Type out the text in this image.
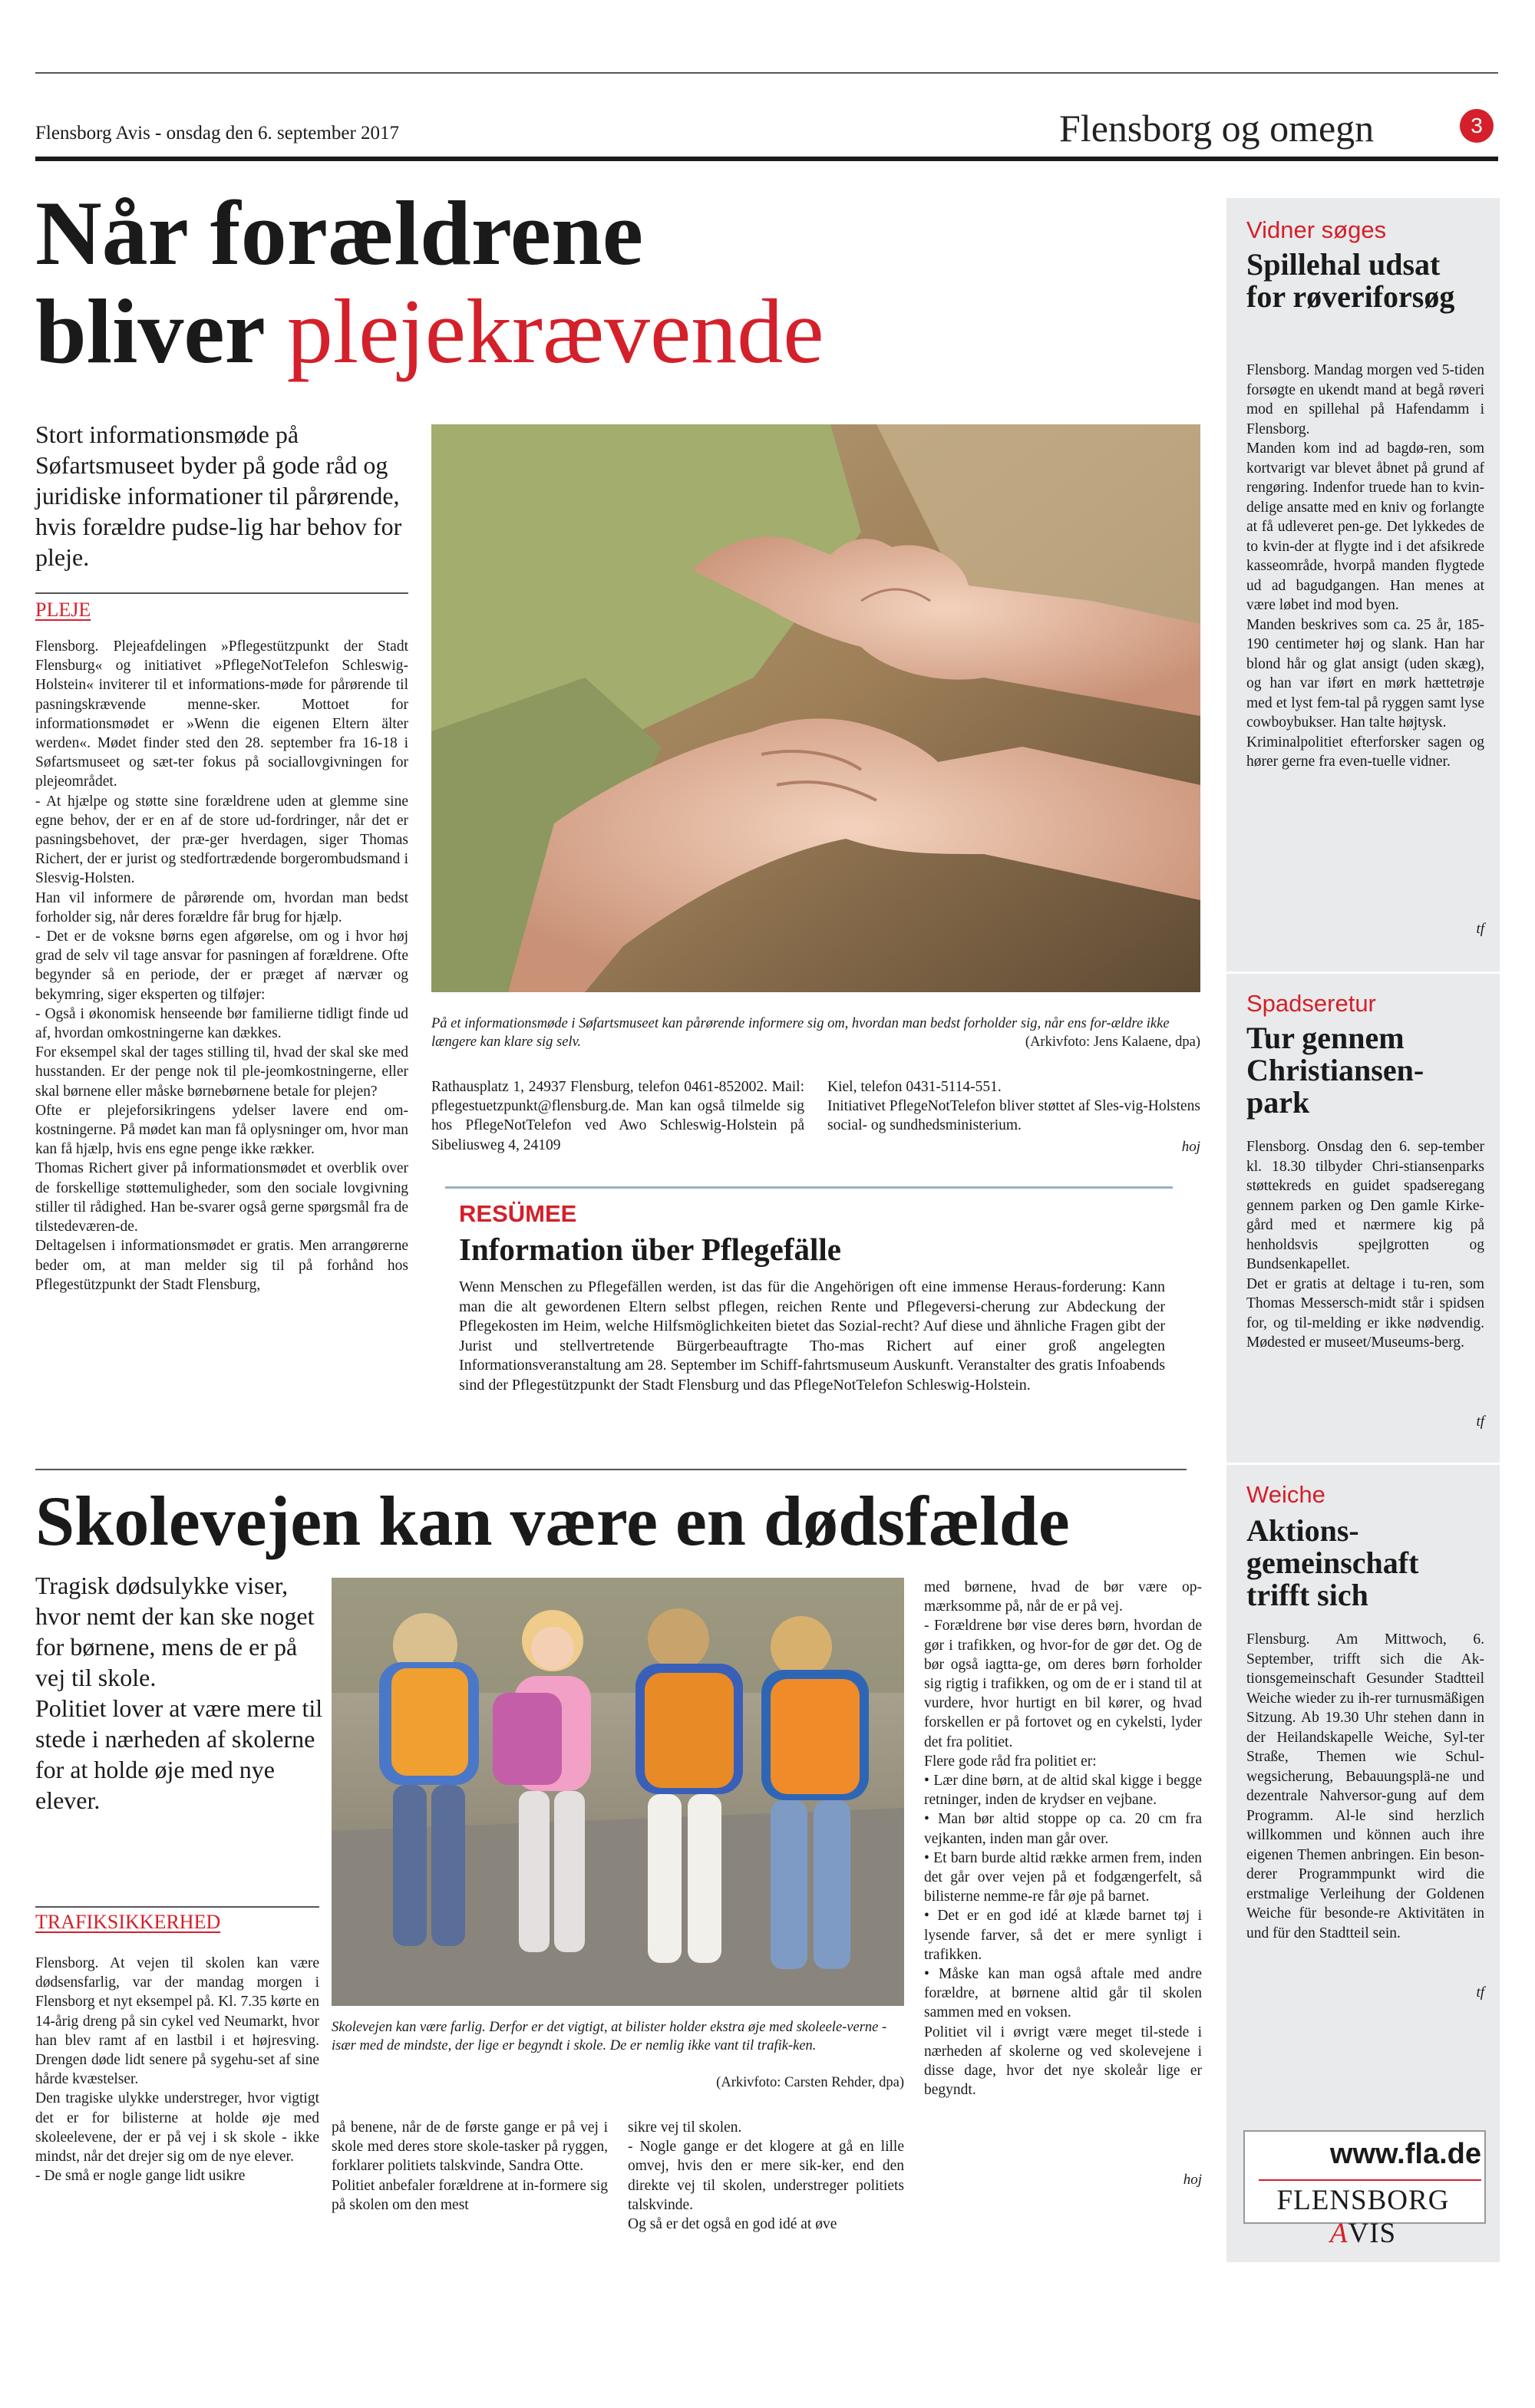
Flensborg Avis - onsdag den 6. september 2017	Flensborg og omegn	3
Når forældrene
bliver plejekrævende
Stort informationsmøde på Søfartsmuseet byder på gode råd og juridiske informationer til pårørende, hvis forældre pudse-lig har behov for pleje.
PLEJE
Flensborg. Plejeafdelingen »Pflegestützpunkt der Stadt Flensburg« og initiativet »PflegeNotTelefon Schleswig-Holstein« inviterer til et informations-møde for pårørende til pasningskrævende menne-sker. Mottoet for informationsmødet er »Wenn die eigenen Eltern älter werden«. Mødet finder sted den 28. september fra 16-18 i Søfartsmuseet og sæt-ter fokus på sociallovgivningen for plejeområdet.
- At hjælpe og støtte sine forældrene uden at glemme sine egne behov, der er en af de store ud-fordringer, når det er pasningsbehovet, der præ-ger hverdagen, siger Thomas Richert, der er jurist og stedfortrædende borgerombudsmand i Slesvig-Holsten.
Han vil informere de pårørende om, hvordan man bedst forholder sig, når deres forældre får brug for hjælp.
- Det er de voksne børns egen afgørelse, om og i hvor høj grad de selv vil tage ansvar for pasningen af forældrene. Ofte begynder så en periode, der er præget af nærvær og bekymring, siger eksperten og tilføjer:
- Også i økonomisk henseende bør familierne tidligt finde ud af, hvordan omkostningerne kan dækkes.
For eksempel skal der tages stilling til, hvad der skal ske med husstanden. Er der penge nok til ple-jeomkostningerne, eller skal børnene eller måske børnebørnene betale for plejen?
Ofte er plejeforsikringens ydelser lavere end om-kostningerne. På mødet kan man få oplysninger om, hvor man kan få hjælp, hvis ens egne penge ikke rækker.
Thomas Richert giver på informationsmødet et overblik over de forskellige støttemuligheder, som den sociale lovgivning stiller til rådighed. Han be-svarer også gerne spørgsmål fra de tilstedeværen-de.
Deltagelsen i informationsmødet er gratis. Men arrangørerne beder om, at man melder sig til på forhånd hos Pflegestützpunkt der Stadt Flensburg,
På et informationsmøde i Søfartsmuseet kan pårørende informere sig om, hvordan man bedst forholder sig, når ens for-ældre ikke længere kan klare sig selv.	(Arkivfoto: Jens Kalaene, dpa)
Rathausplatz 1, 24937 Flensburg, telefon 0461-852002. Mail: pflegestuetzpunkt@flensburg.de. Man kan også tilmelde sig hos PflegeNotTelefon ved Awo Schleswig-Holstein på Sibeliusweg 4, 24109
Kiel, telefon 0431-5114-551.
Initiativet PflegeNotTelefon bliver støttet af Sles-vig-Holstens social- og sundhedsministerium.
hoj
RESÜMEE
Information über Pflegefälle
Wenn Menschen zu Pflegefällen werden, ist das für die Angehörigen oft eine immense Heraus-forderung: Kann man die alt gewordenen Eltern selbst pflegen, reichen Rente und Pflegeversi-cherung zur Abdeckung der Pflegekosten im Heim, welche Hilfsmöglichkeiten bietet das Sozial-recht? Auf diese und ähnliche Fragen gibt der Jurist und stellvertretende Bürgerbeauftragte Tho-mas Richert auf einer groß angelegten Informationsveranstaltung am 28. September im Schiff-fahrtsmuseum Auskunft. Veranstalter des gratis Infoabends sind der Pflegestützpunkt der Stadt Flensburg und das PflegeNotTelefon Schleswig-Holstein.
Vidner søges
Spillehal udsat for røveriforsøg
Flensborg. Mandag morgen ved 5-tiden forsøgte en ukendt mand at begå røveri mod en spillehal på Hafendamm i Flensborg.
Manden kom ind ad bagdø-ren, som kortvarigt var blevet åbnet på grund af rengøring. Indenfor truede han to kvin-delige ansatte med en kniv og forlangte at få udleveret pen-ge. Det lykkedes de to kvin-der at flygte ind i det afsikrede kasseområde, hvorpå manden flygtede ud ad bagudgangen. Han menes at være løbet ind mod byen.
Manden beskrives som ca. 25 år, 185-190 centimeter høj og slank. Han har blond hår og glat ansigt (uden skæg), og han var iført en mørk hættetrøje med et lyst fem-tal på ryggen samt lyse cowboybukser. Han talte højtysk.
Kriminalpolitiet efterforsker sagen og hører gerne fra even-tuelle vidner.
tf
Spadseretur
Tur gennem Christiansen-park
Flensborg. Onsdag den 6. sep-tember kl. 18.30 tilbyder Chri-stiansenparks støttekreds en guidet spadseregang gennem parken og Den gamle Kirke-gård med et nærmere kig på henholdsvis spejlgrotten og Bundsenkapellet.
Det er gratis at deltage i tu-ren, som Thomas Messersch-midt står i spidsen for, og til-melding er ikke nødvendig. Mødested er museet/Museums-berg.
tf
Weiche
Aktions-gemeinschaft trifft sich
Flensburg. Am Mittwoch, 6. September, trifft sich die Ak-tionsgemeinschaft Gesunder Stadtteil Weiche wieder zu ih-rer turnusmäßigen Sitzung. Ab 19.30 Uhr stehen dann in der Heilandskapelle Weiche, Syl-ter Straße, Themen wie Schul-wegsicherung, Bebauungsplä-ne und dezentrale Nahversor-gung auf dem Programm. Al-le sind herzlich willkommen und können auch ihre eigenen Themen anbringen. Ein beson-derer Programmpunkt wird die erstmalige Verleihung der Goldenen Weiche für besonde-re Aktivitäten in und für den Stadtteil sein.
tf
www.fla.de
FLENSBORG AVIS
Skolevejen kan være en dødsfælde
Tragisk dødsulykke viser, hvor nemt der kan ske noget for børnene, mens de er på vej til skole.
Politiet lover at være mere til stede i nærheden af skolerne for at holde øje med nye elever.
TRAFIKSIKKERHED
Flensborg. At vejen til skolen kan være dødsensfarlig, var der mandag morgen i Flensborg et nyt eksempel på. Kl. 7.35 kørte en 14-årig dreng på sin cykel ved Neumarkt, hvor han blev ramt af en lastbil i et højresving. Drengen døde lidt senere på sygehu-set af sine hårde kvæstelser.
Den tragiske ulykke understreger, hvor vigtigt det er for bilisterne at holde øje med skoleelevene, der er på vej i sk skole - ikke mindst, når det drejer sig om de nye elever.
- De små er nogle gange lidt usikre
Skolevejen kan være farlig. Derfor er det vigtigt, at bilister holder ekstra øje med skoleele-verne - især med de mindste, der lige er begyndt i skole. De er nemlig ikke vant til trafik-ken.
(Arkivfoto: Carsten Rehder, dpa)
på benene, når de de første gange er på vej i skole med deres store skole-tasker på ryggen, forklarer politiets talskvinde, Sandra Otte.
Politiet anbefaler forældrene at in-formere sig på skolen om den mest
sikre vej til skolen.
- Nogle gange er det klogere at gå en lille omvej, hvis den er mere sik-ker, end den direkte vej til skolen, understreger politiets talskvinde.
Og så er det også en god idé at øve
med børnene, hvad de bør være op-mærksomme på, når de er på vej.
- Forældrene bør vise deres børn, hvordan de gør i trafikken, og hvor-for de gør det. Og de bør også iagtta-ge, om deres børn forholder sig rigtig i trafikken, og om de er i stand til at vurdere, hvor hurtigt en bil kører, og hvad forskellen er på fortovet og en cykelsti, lyder det fra politiet.
Flere gode råd fra politiet er:
• Lær dine børn, at de altid skal kigge i begge retninger, inden de krydser en vejbane.
• Man bør altid stoppe op ca. 20 cm fra vejkanten, inden man går over.
• Et barn burde altid række armen frem, inden det går over vejen på et fodgængerfelt, så bilisterne nemme-re får øje på barnet.
• Det er en god idé at klæde barnet tøj i lysende farver, så det er mere synligt i trafikken.
• Måske kan man også aftale med andre forældre, at børnene altid går til skolen sammen med en voksen.
Politiet vil i øvrigt være meget til-stede i nærheden af skolerne og ved skolevejene i disse dage, hvor det nye skoleår lige er begyndt.
hoj
